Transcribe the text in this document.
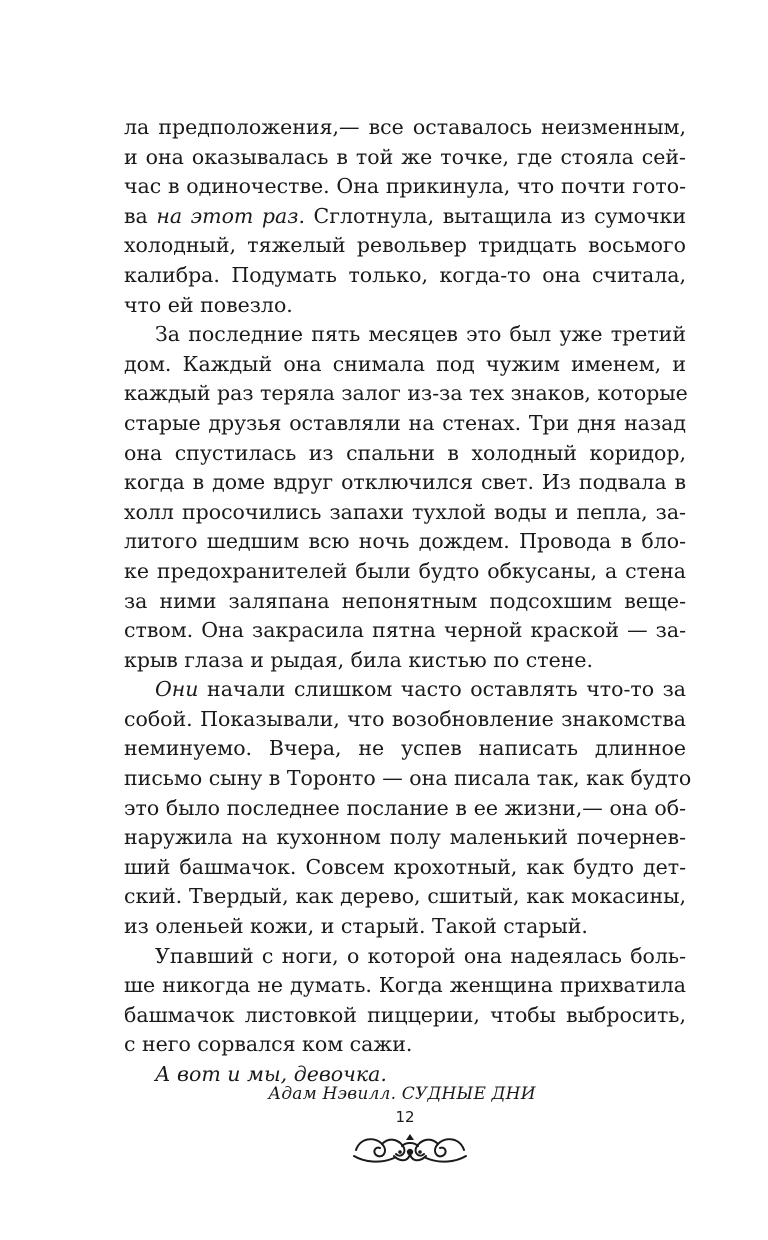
ла предположения,— все оставалось неизменным,
и она оказывалась в той же точке, где стояла сей-
час в одиночестве. Она прикинула, что почти гото-
ва на этот раз. Сглотнула, вытащила из сумочки
холодный, тяжелый револьвер тридцать восьмого
калибра. Подумать только, когда-то она считала,
что ей повезло.

За последние пять месяцев это был уже третий
дом. Каждый она снимала под чужим именем, и
каждый раз теряла залог из-за тех знаков, которые
старые друзья оставляли на стенах. Три дня назад
она спустилась из спальни в холодный коридор,
когда в доме вдруг отключился свет. Из подвала в
холл просочились запахи тухлой воды и пепла, за-
литого шедшим всю ночь дождем. Провода в бло-
ке предохранителей были будто обкусаны, а стена
за ними заляпана непонятным подсохшим веще-
ством. Она закрасила пятна черной краской — за-
крыв глаза и рыдая, била кистью по стене.

Они начали слишком часто оставлять что-то за
собой. Показывали, что возобновление знакомства
неминуемо. Вчера, не успев написать длинное
письмо сыну в Торонто — она писала так, как будто
это было последнее послание в ее жизни,— она об-
наружила на кухонном полу маленький почернев-
ший башмачок. Совсем крохотный, как будто дет-
ский. Твердый, как дерево, сшитый, как мокасины,
из оленьей кожи, и старый. Такой старый.

Упавший с ноги, о которой она надеялась боль-
ше никогда не думать. Когда женщина прихватила
башмачок листовкой пиццерии, чтобы выбросить,
с него сорвался ком сажи.

А вот и мы, девочка.

Адам Нэвилл. СУДНЫЕ ДНИ
12
